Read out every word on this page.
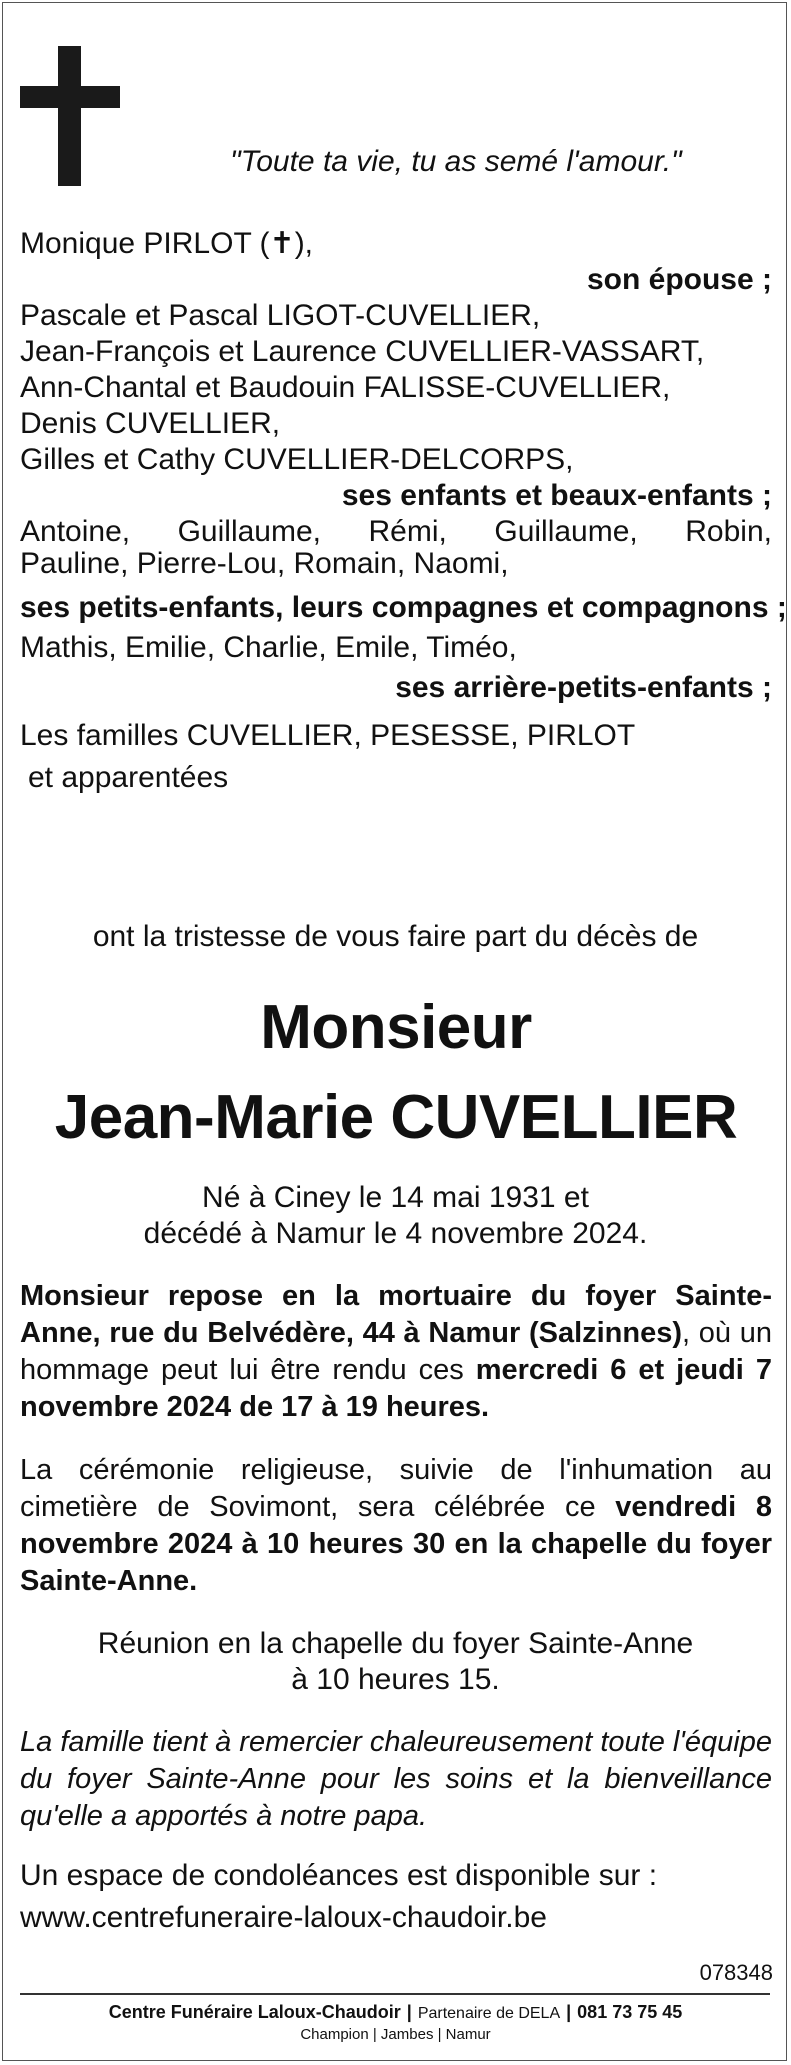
"Toute ta vie, tu as semé l'amour."
Monique PIRLOT (✝),
son épouse ;
Pascale et Pascal LIGOT-CUVELLIER,
Jean-François et Laurence CUVELLIER-VASSART,
Ann-Chantal et Baudouin FALISSE-CUVELLIER,
Denis CUVELLIER,
Gilles et Cathy CUVELLIER-DELCORPS,
ses enfants et beaux-enfants ;
Antoine, Guillaume, Rémi, Guillaume, Robin,
Pauline, Pierre-Lou, Romain, Naomi,
ses petits-enfants, leurs compagnes et compagnons ;
Mathis, Emilie, Charlie, Emile, Timéo,
ses arrière-petits-enfants ;
Les familles CUVELLIER, PESESSE, PIRLOT
et apparentées
ont la tristesse de vous faire part du décès de
Monsieur
Jean-Marie CUVELLIER
Né à Ciney le 14 mai 1931 et
décédé à Namur le 4 novembre 2024.
Monsieur repose en la mortuaire du foyer Sainte-Anne, rue du Belvédère, 44 à Namur (Salzinnes), où un hommage peut lui être rendu ces mercredi 6 et jeudi 7 novembre 2024 de 17 à 19 heures.
La cérémonie religieuse, suivie de l'inhumation au cimetière de Sovimont, sera célébrée ce vendredi 8 novembre 2024 à 10 heures 30 en la chapelle du foyer Sainte-Anne.
Réunion en la chapelle du foyer Sainte-Anne
à 10 heures 15.
La famille tient à remercier chaleureusement toute l'équipe du foyer Sainte-Anne pour les soins et la bienveillance qu'elle a apportés à notre papa.
Un espace de condoléances est disponible sur :
www.centrefuneraire-laloux-chaudoir.be
078348
Centre Funéraire Laloux-Chaudoir | Partenaire de DELA | 081 73 75 45
Champion | Jambes | Namur
